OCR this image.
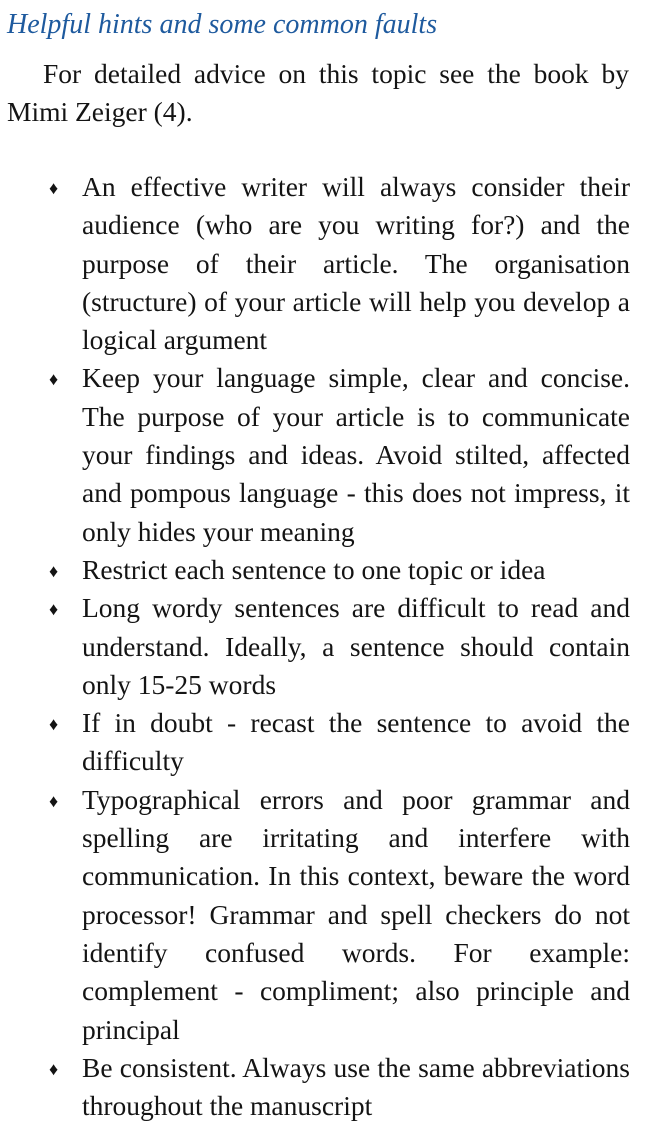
Helpful hints and some common faults

For detailed advice on this topic see the book by Mimi Zeiger (4).

♦ An effective writer will always consider their audience (who are you writing for?) and the purpose of their article. The organisation (structure) of your article will help you develop a logical argument
♦ Keep your language simple, clear and concise. The purpose of your article is to communicate your findings and ideas. Avoid stilted, affected and pompous language - this does not impress, it only hides your meaning
♦ Restrict each sentence to one topic or idea
♦ Long wordy sentences are difficult to read and understand. Ideally, a sentence should contain only 15-25 words
♦ If in doubt - recast the sentence to avoid the difficulty
♦ Typographical errors and poor grammar and spelling are irritating and interfere with communication. In this context, beware the word processor! Grammar and spell checkers do not identify confused words. For example: complement - compliment; also principle and principal
♦ Be consistent. Always use the same abbreviations throughout the manuscript
